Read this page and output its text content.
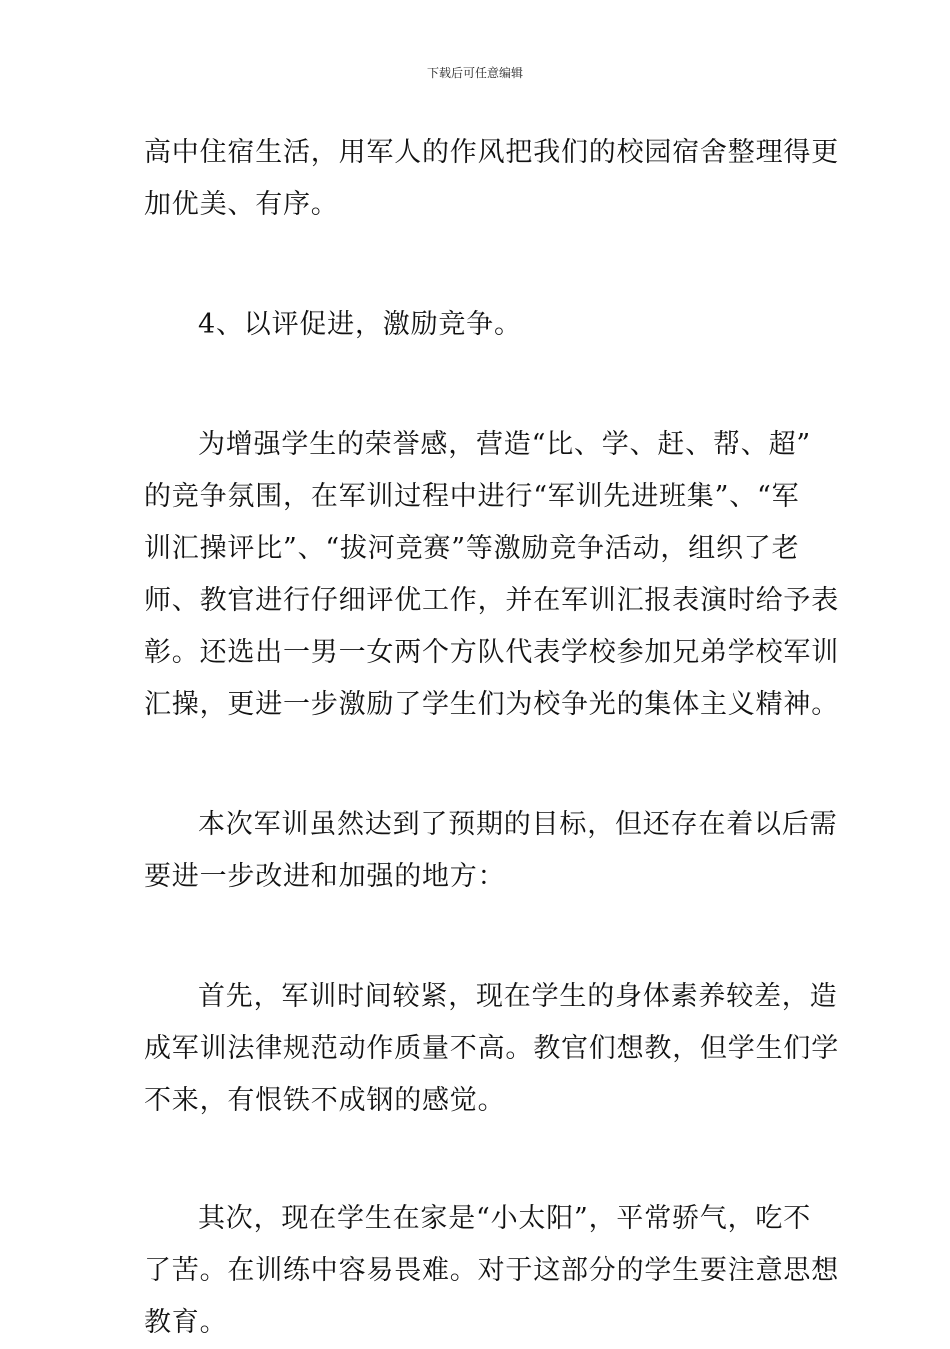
下载后可任意编辑

高中住宿生活，用军人的作风把我们的校园宿舍整理得更
加优美、有序。

4、以评促进，激励竞争。

为增强学生的荣誉感，营造“比、学、赶、帮、超”
的竞争氛围，在军训过程中进行“军训先进班集”、“军
训汇操评比”、“拔河竞赛”等激励竞争活动，组织了老
师、教官进行仔细评优工作，并在军训汇报表演时给予表
彰。还选出一男一女两个方队代表学校参加兄弟学校军训
汇操，更进一步激励了学生们为校争光的集体主义精神。

本次军训虽然达到了预期的目标，但还存在着以后需
要进一步改进和加强的地方：

首先，军训时间较紧，现在学生的身体素养较差，造
成军训法律规范动作质量不高。教官们想教，但学生们学
不来，有恨铁不成钢的感觉。

其次，现在学生在家是“小太阳”，平常骄气，吃不
了苦。在训练中容易畏难。对于这部分的学生要注意思想
教育。
